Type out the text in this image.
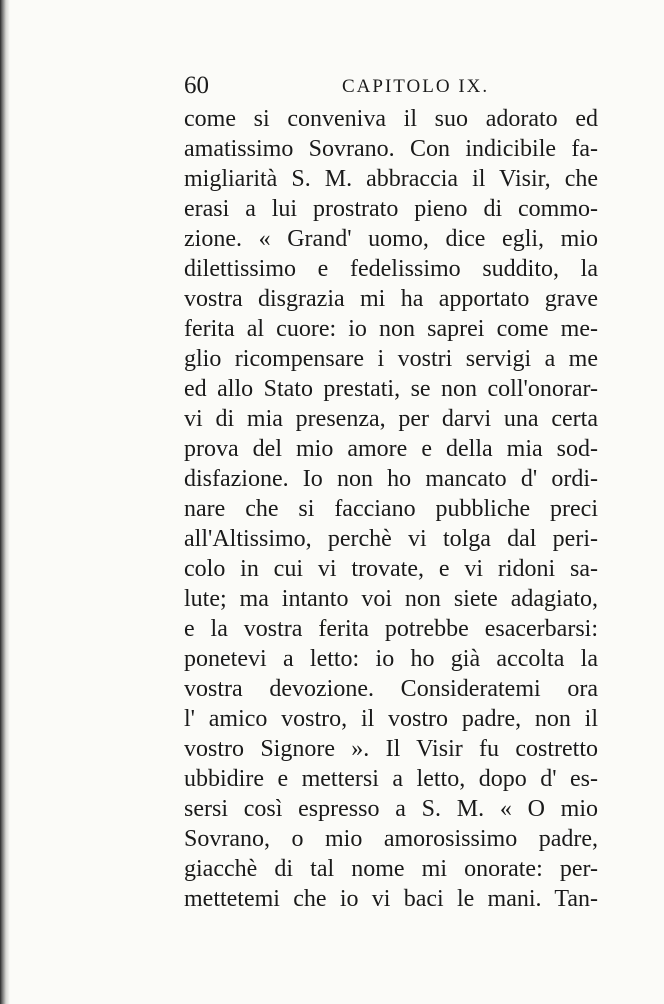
60	CAPITOLO IX.
come si conveniva il suo adorato ed
amatissimo Sovrano. Con indicibile fa-
migliarità S. M. abbraccia il Visir, che
erasi a lui prostrato pieno di commo-
zione. « Grand' uomo, dice egli, mio
dilettissimo e fedelissimo suddito, la
vostra disgrazia mi ha apportato grave
ferita al cuore: io non saprei come me-
glio ricompensare i vostri servigi a me
ed allo Stato prestati, se non coll'onorar-
vi di mia presenza, per darvi una certa
prova del mio amore e della mia sod-
disfazione. Io non ho mancato d' ordi-
nare che si facciano pubbliche preci
all'Altissimo, perchè vi tolga dal peri-
colo in cui vi trovate, e vi ridoni sa-
lute; ma intanto voi non siete adagiato,
e la vostra ferita potrebbe esacerbarsi:
ponetevi a letto: io ho già accolta la
vostra devozione. Consideratemi ora
l' amico vostro, il vostro padre, non il
vostro Signore ». Il Visir fu costretto
ubbidire e mettersi a letto, dopo d' es-
sersi così espresso a S. M. « O mio
Sovrano, o mio amorosissimo padre,
giacchè di tal nome mi onorate: per-
mettetemi che io vi baci le mani. Tan-
